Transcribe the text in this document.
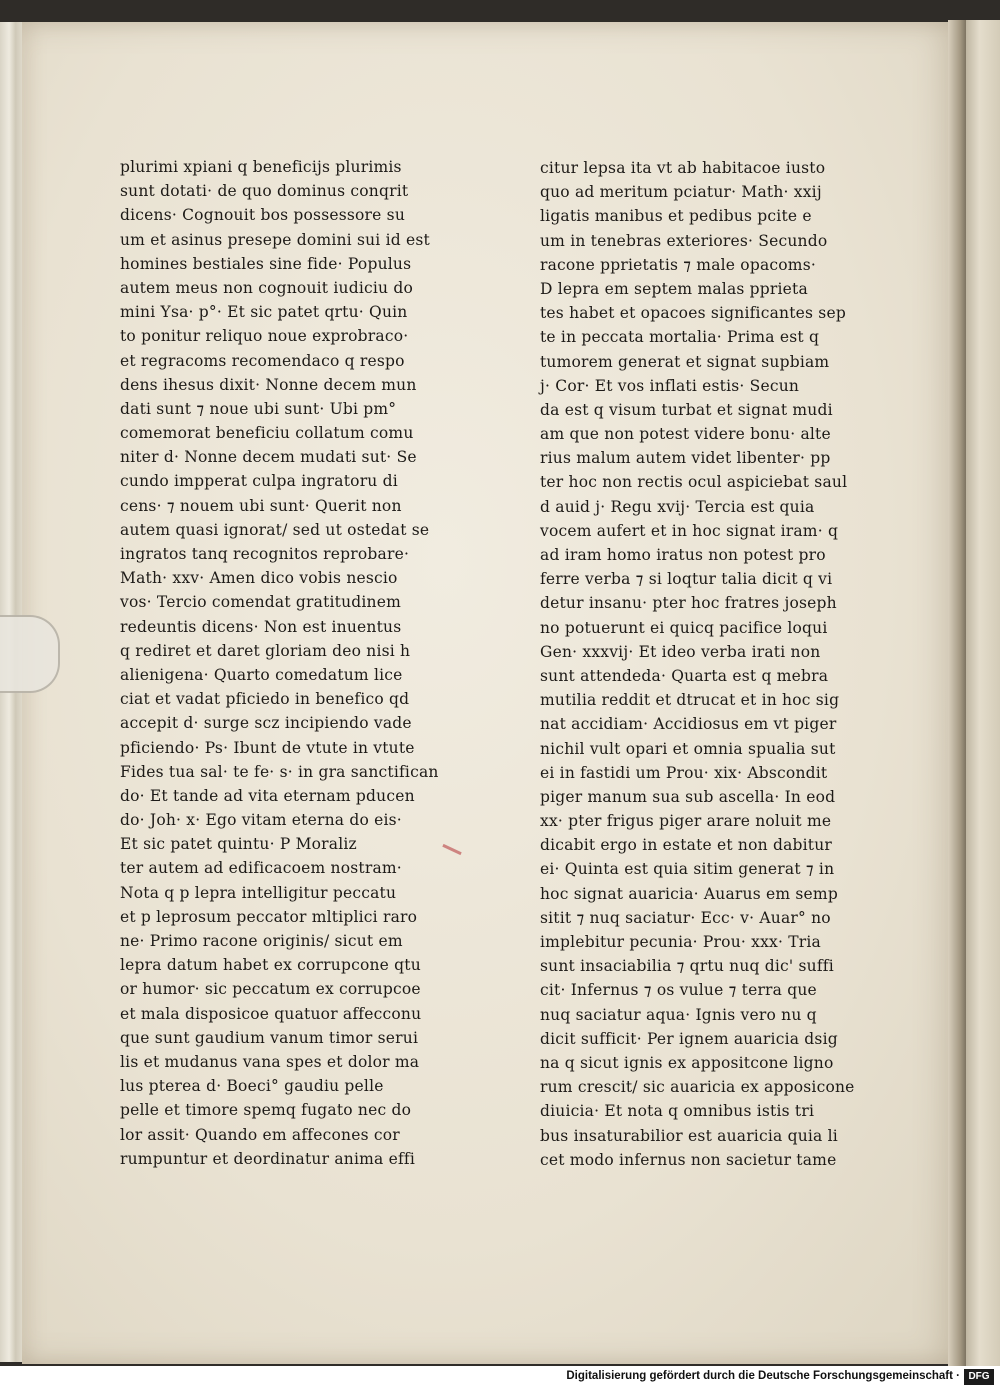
plurimi xpiani q beneficijs plurimis
sunt dotati· de quo dominus conqrit
dicens· Cognouit bos possessore su
um et asinus presepe domini sui id est
homines bestiales sine fide· Populus
autem meus non cognouit iudiciu do
mini Ysa· p°· Et sic patet qrtu· Quin
to ponitur reliquo noue exprobraco·
et regracoms recomendaco q respo
dens ihesus dixit· Nonne decem mun
dati sunt ⁊ noue ubi sunt· Ubi pm°
comemorat beneficiu collatum comu
niter d· Nonne decem mudati sut· Se
cundo impperat culpa ingratoru di
cens· ⁊ nouem ubi sunt· Querit non
autem quasi ignorat/ sed ut ostedat se
ingratos tanq recognitos reprobare·
Math· xxv· Amen dico vobis nescio
vos· Tercio comendat gratitudinem
redeuntis dicens· Non est inuentus
q rediret et daret gloriam deo nisi h
alienigena· Quarto comedatum lice
ciat et vadat pficiedo in benefico qd
accepit d· surge scz incipiendo vade
pficiendo· Ps· Ibunt de vtute in vtute
Fides tua sal· te fe· s· in gra sanctifican
do· Et tande ad vita eternam pducen
do· Joh· x· Ego vitam eterna do eis·
Et sic patet quintu· P Moraliz
ter autem ad edificacoem nostram·
Nota q p lepra intelligitur peccatu
et p leprosum peccator mltiplici raro
ne· Primo racone originis/ sicut em
lepra datum habet ex corrupcone qtu
or humor· sic peccatum ex corrupcoe
et mala disposicoe quatuor affecconu
que sunt gaudium vanum timor serui
lis et mudanus vana spes et dolor ma
lus pterea d· Boeci° gaudiu pelle
pelle et timore spemq fugato nec do
lor assit· Quando em affecones cor
rumpuntur et deordinatur anima effi
citur lepsa ita vt ab habitacoe iusto
quo ad meritum pciatur· Math· xxij
ligatis manibus et pedibus pcite e
um in tenebras exteriores· Secundo
racone pprietatis ⁊ male opacoms·
D lepra em septem malas pprieta
tes habet et opacoes significantes sep
te in peccata mortalia· Prima est q
tumorem generat et signat supbiam
j· Cor· Et vos inflati estis· Secun
da est q visum turbat et signat mudi
am que non potest videre bonu· alte
rius malum autem videt libenter· pp
ter hoc non rectis ocul aspiciebat saul
d auid j· Regu xvij· Tercia est quia
vocem aufert et in hoc signat iram· q
ad iram homo iratus non potest pro
ferre verba ⁊ si loqtur talia dicit q vi
detur insanu· pter hoc fratres joseph
no potuerunt ei quicq pacifice loqui
Gen· xxxvij· Et ideo verba irati non
sunt attendeda· Quarta est q mebra
mutilia reddit et dtrucat et in hoc sig
nat accidiam· Accidiosus em vt piger
nichil vult opari et omnia spualia sut
ei in fastidi um Prou· xix· Abscondit
piger manum sua sub ascella· In eod
xx· pter frigus piger arare noluit me
dicabit ergo in estate et non dabitur
ei· Quinta est quia sitim generat ⁊ in
hoc signat auaricia· Auarus em semp
sitit ⁊ nuq saciatur· Ecc· v· Auar° no
implebitur pecunia· Prou· xxx· Tria
sunt insaciabilia ⁊ qrtu nuq dic' suffi
cit· Infernus ⁊ os vulue ⁊ terra que
nuq saciatur aqua· Ignis vero nu q
dicit sufficit· Per ignem auaricia dsig
na q sicut ignis ex appositcone ligno
rum crescit/ sic auaricia ex apposicone
diuicia· Et nota q omnibus istis tri
bus insaturabilior est auaricia quia li
cet modo infernus non sacietur tame
Digitalisierung gefördert durch die Deutsche Forschungsgemeinschaft · DFG
